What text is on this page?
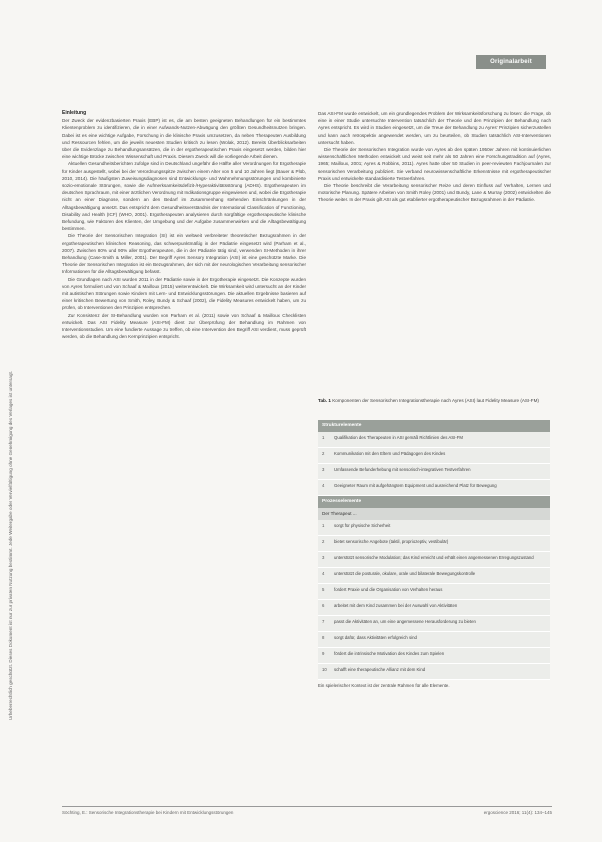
Urheberrechtlich geschützt. Dieses Dokument ist nur zur privaten Nutzung bestimmt. Jede Weitergabe oder Vervielfältigung ohne Genehmigung des Verlages ist untersagt.
Originalarbeit
Einleitung

Der Zweck der evidenzbasierten Praxis (EBP) ist es, die am besten geeigneten Behandlungen für ein bestimmtes Klientenproblem zu identifizieren, die in einer Aufwands-Nutzen-Abwägung den größten Gesundheitsnutzen bringen. Dabei ist es eine wichtige Aufgabe, Forschung in die klinische Praxis umzusetzen, da neben Therapeuten Ausbildung und Ressourcen fehlen, um die jeweils neuesten Studien kritisch zu lesen (Wolak, 2012). Bereits Überblicksarbeiten über die Evidenzlage zu Behandlungsansätzen, die in der ergotherapeutischen Praxis eingesetzt werden, bilden hier eine wichtige Brücke zwischen Wissenschaft und Praxis. Diesem Zweck will die vorliegende Arbeit dienen.

Aktuellen Gesundheitsberichten zufolge sind in Deutschland ungefähr die Hälfte aller Verordnungen für Ergotherapie für Kinder ausgestellt, wobei bei der Verordnungsspitze zwischen einem Alter von 5 und 10 Jahren liegt (Bauer & Plüb, 2010, 2014). Die häufigsten Zuweisungsdiagnosen sind Entwicklungs- und Wahrnehmungsstörungen und kombinierte sozio-emotionale Störungen, sowie die Aufmerksamkeitsdefizit-/Hyperaktivitätsstörung (ADHS). Ergotherapeuten im deutschen Sprachraum, mit einer ärztlichen Verordnung mit Indikationsgruppe eingewiesen und, wobei die Ergotherapie nicht an einer Diagnose, sondern an den Bedarf im Zusammenhang stehenden Einschränkungen in der Alltagsbewältigung ansetzt. Das entspricht dem Gesundheitsverständnis der International Classification of Functioning, Disability and Health (ICF) (WHO, 2001). Ergotherapeuten analysieren durch sorgfältige ergotherapeutische klinische Befundung, wie Faktoren des Klienten, der Umgebung und der Aufgabe zusammenwirken und die Alltagsbewältigung bestimmen.

Die Theorie der Sensorischen Integration (SI) ist ein weltweit verbreiteter theoretischer Bezugsrahmen in der ergotherapeutischen klinischen Reasoning, das schwerpunktmäßig in der Pädiatrie eingesetzt wird (Parham et al., 2007). Zwischen 80% und 90% aller Ergotherapeuten, die in der Pädiatrie tätig sind, verwenden SI-Methoden in ihrer Behandlung (Case-Smith & Miller, 2001). Der Begriff Ayres Sensory Integration (ASI) ist eine geschützte Marke. Die Theorie der Sensorischen Integration ist ein Bezugsrahmen, der sich mit der neurologischen Verarbeitung sensorischer Informationen für die Alltagsbewältigung befasst.

Die Grundlagen nach ASI wurden 2011 in der Pädiatrie sowie in der Ergotherapie eingesetzt. Die Konzepte wurden von Ayres formuliert und von Schaaf & Mailloux (2015) weiterentwickelt. Die Wirksamkeit wird untersucht an der Kinder mit autistischen Störungen sowie Kindern mit Lern- und Entwicklungsstörungen. Die aktuellen Ergebnisse basieren auf einer kritischen Bewertung von Smith, Roley, Bundy & Schaaf (2002), die Fidelity Measures entwickelt haben, um zu prüfen, ob Interventionen den Prinzipien entsprechen.

Zur Konsistenz der SI-Behandlung wurden von Parham et al. (2011) sowie von Schaaf & Mailloux Checklisten entwickelt. Das ASI Fidelity Measure (ASI-FM) dient zur Überprüfung der Behandlung im Rahmen von Interventionsstudien. Um eine fundierte Aussage zu treffen, ob eine Intervention den Begriff ASI verdient, muss geprüft werden, ob die Behandlung den Kernprinzipien entspricht.

Das ASI-FM wurde entwickelt, um ein grundlegendes Problem der Wirksamkeitsforschung zu lösen: die Frage, ob eine in einer Studie untersuchte Intervention tatsächlich der Theorie und den Prinzipien der Behandlung nach Ayres entspricht. Es wird in Studien eingesetzt, um die Treue der Behandlung zu Ayres' Prinzipien sicherzustellen und kann auch retrospektiv angewendet werden, um zu beurteilen, ob Studien tatsächlich ASI-Interventionen untersucht haben.

Die Theorie der Sensorischen Integration wurde von Ayres ab den späten 1950er Jahren mit kontinuierlichen wissenschaftlichen Methoden entwickelt und weist seit mehr als 50 Jahren eine Forschungstradition auf (Ayres, 1965; Mailloux, 2001; Ayres & Robbins, 2011). Ayres hatte über 50 Studien in peer-reviewten Fachjournalen zur sensorischen Verarbeitung publiziert. Sie verband neurowissenschaftliche Erkenntnisse mit ergotherapeutischer Praxis und entwickelte standardisierte Testverfahren.

Die Theorie beschreibt die Verarbeitung sensorischer Reize und deren Einfluss auf Verhalten, Lernen und motorische Planung. Spätere Arbeiten von Smith Roley (2001) und Bundy, Lane & Murray (2002) entwickelten die Theorie weiter. In der Praxis gilt ASI als gut etablierter ergotherapeutischer Bezugsrahmen in der Pädiatrie.

Tab. 1 Komponenten der Sensorischen Integrationstherapie nach Ayres (ASI) laut Fidelity Measure (ASI-FM)
Strukturelemente
1	Qualifikation des Therapeuten in ASI gemäß Richtlinien des ASI-FM
2	Kommunikation mit den Eltern und Pädagogen des Kindes
3	Umfassende Befunderhebung mit sensorisch-integrativen Testverfahren
4	Geeigneter Raum mit aufgehängtem Equipment und ausreichend Platz für Bewegung
Prozesselemente
Der Therapeut ...
1	sorgt für physische Sicherheit
2	bietet sensorische Angebote (taktil, propriozeptiv, vestibulär)
3	unterstützt sensorische Modulation; das Kind erreicht und erhält einen angemessenen Erregungszustand
4	unterstützt die posturale, okulare, orale und bilaterale Bewegungskontrolle
5	fordert Praxie und die Organisation von Verhalten heraus
6	arbeitet mit dem Kind zusammen bei der Auswahl von Aktivitäten
7	passt die Aktivitäten an, um eine angemessene Herausforderung zu bieten
8	sorgt dafür, dass Aktivitäten erfolgreich sind
9	fördert die intrinsische Motivation des Kindes zum Spielen
10	schafft eine therapeutische Allianz mit dem Kind
Ein spielerischer Kontext ist der zentrale Rahmen für alle Elemente.
Söchting, E.: Sensorische Integrationstherapie bei Kindern mit Entwicklungsstörungen	ergoscience 2016; 11(4): 134–145
